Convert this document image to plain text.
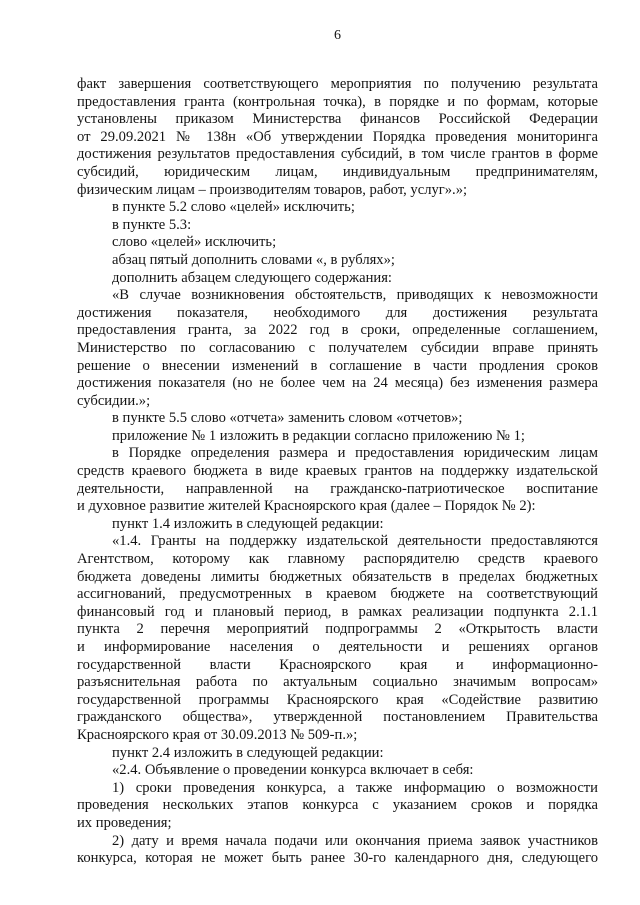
6
факт завершения соответствующего мероприятия по получению результата
предоставления гранта (контрольная точка), в порядке и по формам, которые
установлены приказом Министерства финансов Российской Федерации
от 29.09.2021 № 138н «Об утверждении Порядка проведения мониторинга
достижения результатов предоставления субсидий, в том числе грантов в форме
субсидий, юридическим лицам, индивидуальным предпринимателям,
физическим лицам – производителям товаров, работ, услуг».»;
в пункте 5.2 слово «целей» исключить;
в пункте 5.3:
слово «целей» исключить;
абзац пятый дополнить словами «, в рублях»;
дополнить абзацем следующего содержания:
«В случае возникновения обстоятельств, приводящих к невозможности
достижения показателя, необходимого для достижения результата
предоставления гранта, за 2022 год в сроки, определенные соглашением,
Министерство по согласованию с получателем субсидии вправе принять
решение о внесении изменений в соглашение в части продления сроков
достижения показателя (но не более чем на 24 месяца) без изменения размера
субсидии.»;
в пункте 5.5 слово «отчета» заменить словом «отчетов»;
приложение № 1 изложить в редакции согласно приложению № 1;
в Порядке определения размера и предоставления юридическим лицам
средств краевого бюджета в виде краевых грантов на поддержку издательской
деятельности, направленной на гражданско-патриотическое воспитание
и духовное развитие жителей Красноярского края (далее – Порядок № 2):
пункт 1.4 изложить в следующей редакции:
«1.4. Гранты на поддержку издательской деятельности предоставляются
Агентством, которому как главному распорядителю средств краевого
бюджета доведены лимиты бюджетных обязательств в пределах бюджетных
ассигнований, предусмотренных в краевом бюджете на соответствующий
финансовый год и плановый период, в рамках реализации подпункта 2.1.1
пункта 2 перечня мероприятий подпрограммы 2 «Открытость власти
и информирование населения о деятельности и решениях органов
государственной власти Красноярского края и информационно-
разъяснительная работа по актуальным социально значимым вопросам»
государственной программы Красноярского края «Содействие развитию
гражданского общества», утвержденной постановлением Правительства
Красноярского края от 30.09.2013 № 509-п.»;
пункт 2.4 изложить в следующей редакции:
«2.4. Объявление о проведении конкурса включает в себя:
1) сроки проведения конкурса, а также информацию о возможности
проведения нескольких этапов конкурса с указанием сроков и порядка
их проведения;
2) дату и время начала подачи или окончания приема заявок участников
конкурса, которая не может быть ранее 30-го календарного дня, следующего
